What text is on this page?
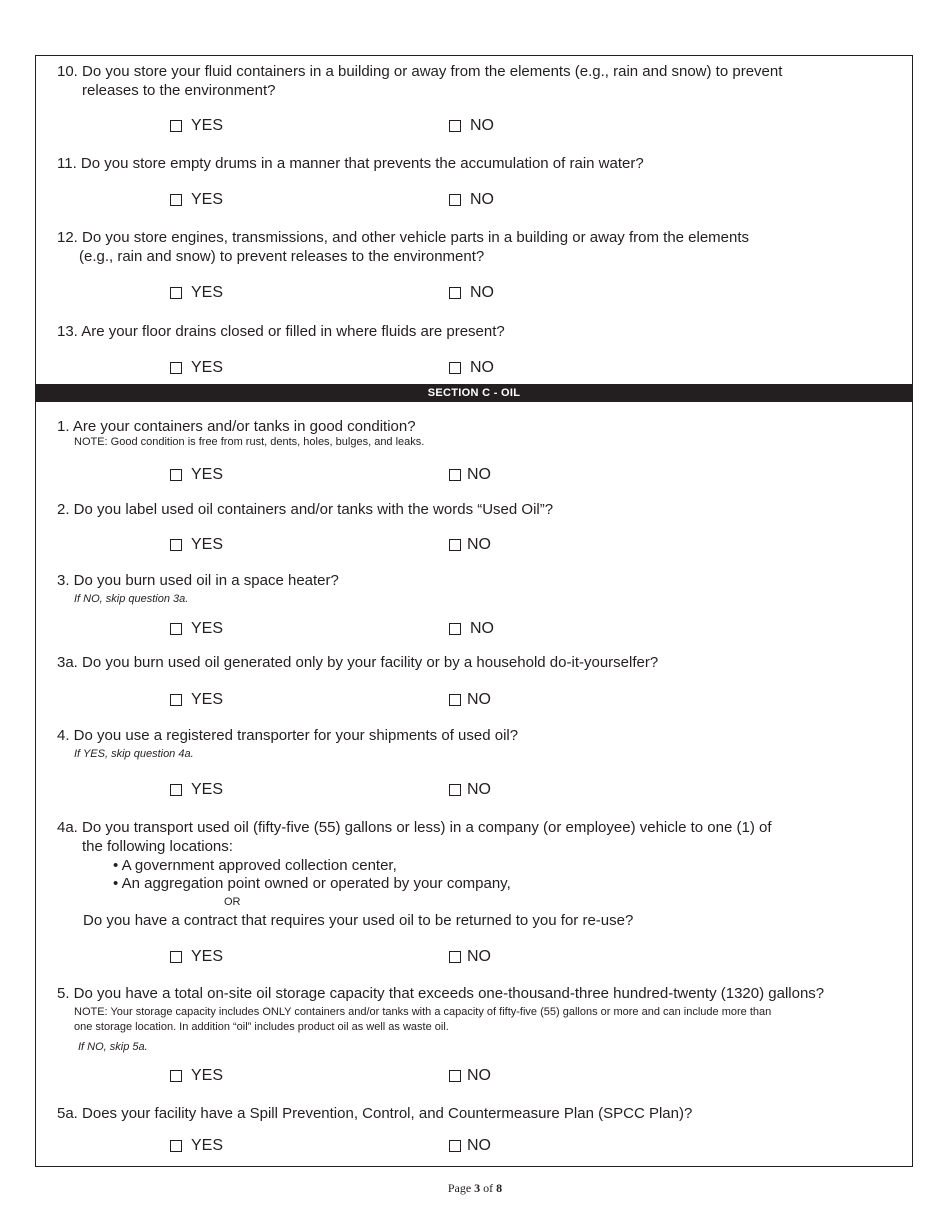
10. Do you store your fluid containers in a building or away from the elements (e.g., rain and snow) to prevent
releases to the environment?
YES	NO
11. Do you store empty drums in a manner that prevents the accumulation of rain water?
YES	NO
12. Do you store engines, transmissions, and other vehicle parts in a building or away from the elements
(e.g., rain and snow) to prevent releases to the environment?
YES	NO
13. Are your floor drains closed or filled in where fluids are present?
YES	NO
SECTION C - OIL
1. Are your containers and/or tanks in good condition?
NOTE: Good condition is free from rust, dents, holes, bulges, and leaks.
YES	NO
2. Do you label used oil containers and/or tanks with the words “Used Oil”?
YES	NO
3. Do you burn used oil in a space heater?
If NO, skip question 3a.
YES	NO
3a. Do you burn used oil generated only by your facility or by a household do-it-yourselfer?
YES	NO
4. Do you use a registered transporter for your shipments of used oil?
If YES, skip question 4a.
YES	NO
4a. Do you transport used oil (fifty-five (55) gallons or less) in a company (or employee) vehicle to one (1) of
the following locations:
• A government approved collection center,
• An aggregation point owned or operated by your company,
OR
Do you have a contract that requires your used oil to be returned to you for re-use?
YES	NO
5. Do you have a total on-site oil storage capacity that exceeds one-thousand-three hundred-twenty (1320) gallons?
NOTE: Your storage capacity includes ONLY containers and/or tanks with a capacity of fifty-five (55) gallons or more and can include more than
one storage location. In addition “oil” includes product oil as well as waste oil.
If NO, skip 5a.
YES	NO
5a. Does your facility have a Spill Prevention, Control, and Countermeasure Plan (SPCC Plan)?
YES	NO
Page 3 of 8
